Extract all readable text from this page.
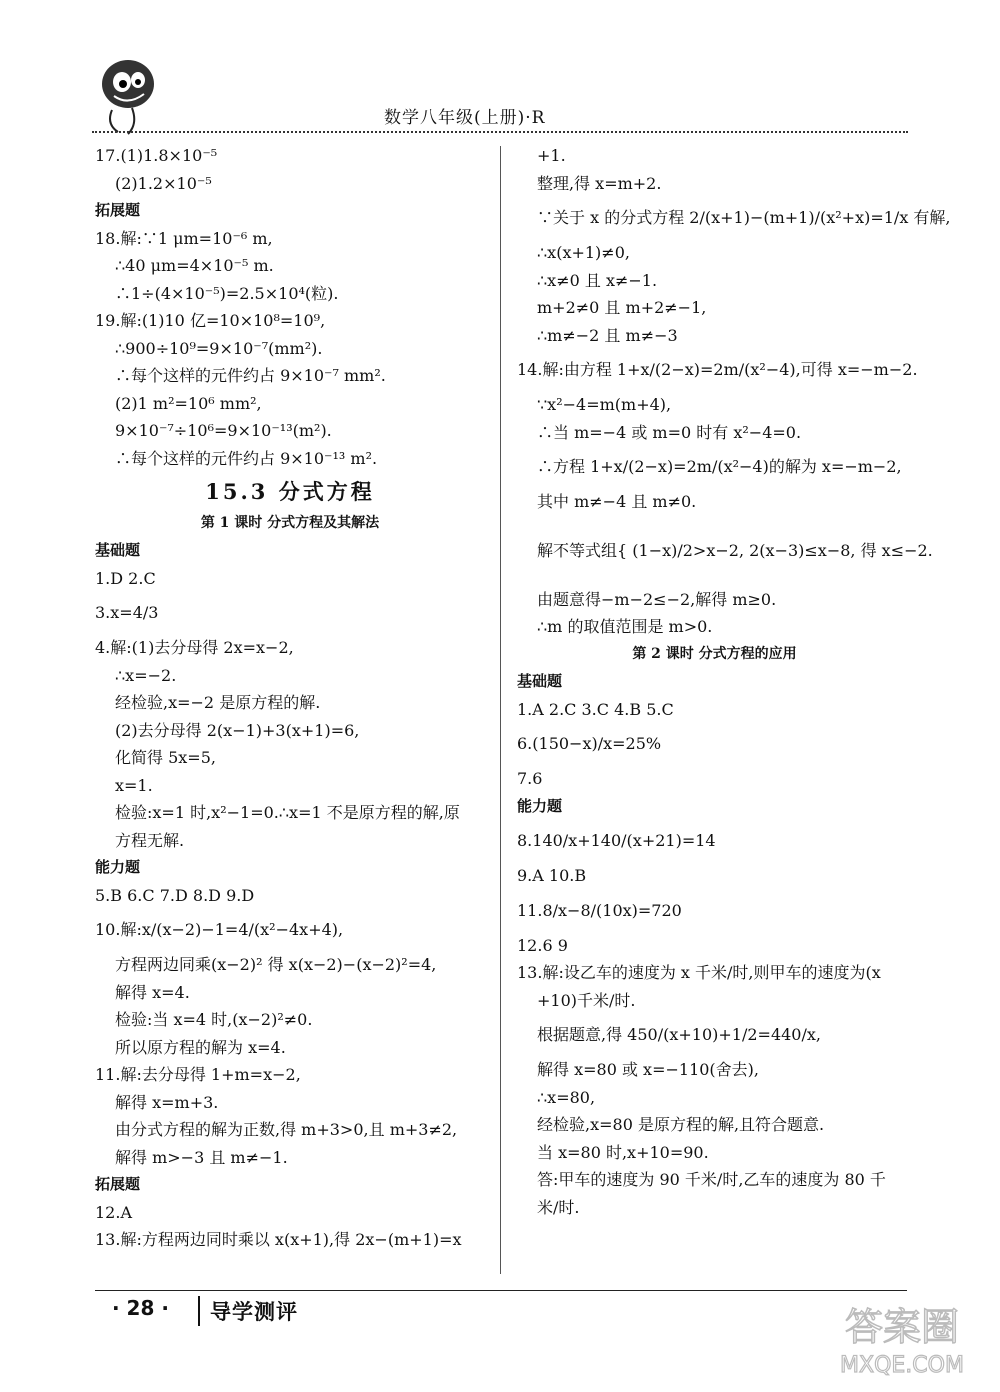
数学八年级(上册)·R
17.(1)1.8×10⁻⁵
(2)1.2×10⁻⁵
拓展题
18.解:∵1 μm=10⁻⁶ m,
∴40 μm=4×10⁻⁵ m.
∴1÷(4×10⁻⁵)=2.5×10⁴(粒).
19.解:(1)10 亿=10×10⁸=10⁹,
∴900÷10⁹=9×10⁻⁷(mm²).
∴每个这样的元件约占 9×10⁻⁷ mm².
(2)1 m²=10⁶ mm²,
9×10⁻⁷÷10⁶=9×10⁻¹³(m²).
∴每个这样的元件约占 9×10⁻¹³ m².
15.3 分式方程
第 1 课时 分式方程及其解法
基础题
1.D 2.C
3.x=4/3
4.解:(1)去分母得 2x=x−2,
∴x=−2.
经检验,x=−2 是原方程的解.
(2)去分母得 2(x−1)+3(x+1)=6,
化简得 5x=5,
x=1.
检验:x=1 时,x²−1=0.∴x=1 不是原方程的解,原
方程无解.
能力题
5.B 6.C 7.D 8.D 9.D
10.解:x/(x−2)−1=4/(x²−4x+4),
方程两边同乘(x−2)² 得 x(x−2)−(x−2)²=4,
解得 x=4.
检验:当 x=4 时,(x−2)²≠0.
所以原方程的解为 x=4.
11.解:去分母得 1+m=x−2,
解得 x=m+3.
由分式方程的解为正数,得 m+3>0,且 m+3≠2,
解得 m>−3 且 m≠−1.
拓展题
12.A
13.解:方程两边同时乘以 x(x+1),得 2x−(m+1)=x
+1.
整理,得 x=m+2.
∵关于 x 的分式方程 2/(x+1)−(m+1)/(x²+x)=1/x 有解,
∴x(x+1)≠0,
∴x≠0 且 x≠−1.
m+2≠0 且 m+2≠−1,
∴m≠−2 且 m≠−3
14.解:由方程 1+x/(2−x)=2m/(x²−4),可得 x=−m−2.
∵x²−4=m(m+4),
∴当 m=−4 或 m=0 时有 x²−4=0.
∴方程 1+x/(2−x)=2m/(x²−4)的解为 x=−m−2,
其中 m≠−4 且 m≠0.
解不等式组{ (1−x)/2>x−2, 2(x−3)≤x−8, 得 x≤−2.
由题意得−m−2≤−2,解得 m≥0.
∴m 的取值范围是 m>0.
第 2 课时 分式方程的应用
基础题
1.A 2.C 3.C 4.B 5.C
6.(150−x)/x=25%
7.6
能力题
8.140/x+140/(x+21)=14
9.A 10.B
11.8/x−8/(10x)=720
12.6 9
13.解:设乙车的速度为 x 千米/时,则甲车的速度为(x
+10)千米/时.
根据题意,得 450/(x+10)+1/2=440/x,
解得 x=80 或 x=−110(舍去),
∴x=80,
经检验,x=80 是原方程的解,且符合题意.
当 x=80 时,x+10=90.
答:甲车的速度为 90 千米/时,乙车的速度为 80 千
米/时.
· 28 · 导学测评	答案圈
MXQE.COM
